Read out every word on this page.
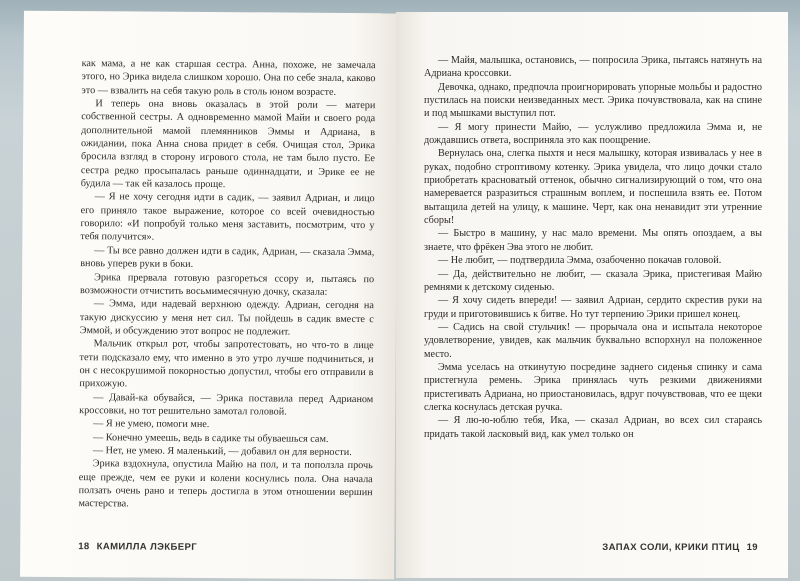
как мама, а не как старшая сестра. Анна, похоже, не замечала этого, но Эрика видела слишком хорошо. Она по себе знала, каково это — взвалить на себя такую роль в столь юном возрасте.

И теперь она вновь оказалась в этой роли — матери собственной сестры. А одновременно мамой Майи и своего рода дополнительной мамой племянников Эммы и Адриана, в ожидании, пока Анна снова придет в себя. Очищая стол, Эрика бросила взгляд в сторону игрового стола, не там было пусто. Ее сестра редко просыпалась раньше одиннадцати, и Эрике ее не будила — так ей казалось проще.

— Я не хочу сегодня идти в садик, — заявил Адриан, и лицо его приняло такое выражение, которое со всей очевидностью говорило: «И попробуй только меня заставить, посмотрим, что у тебя получится».

— Ты все равно должен идти в садик, Адриан, — сказала Эмма, вновь уперев руки в боки.

Эрика прервала готовую разгореться ссору и, пытаясь по возможности отчистить восьмимесячную дочку, сказала:

— Эмма, иди надевай верхнюю одежду. Адриан, сегодня на такую дискуссию у меня нет сил. Ты пойдешь в садик вместе с Эммой, и обсуждению этот вопрос не подлежит.

Мальчик открыл рот, чтобы запротестовать, но что-то в лице тети подсказало ему, что именно в это утро лучше подчиниться, и он с несокрушимой покорностью допустил, чтобы его отправили в прихожую.

— Давай-ка обувайся, — Эрика поставила перед Адрианом кроссовки, но тот решительно замотал головой.

— Я не умею, помоги мне.

— Конечно умеешь, ведь в садике ты обуваешься сам.

— Нет, не умею. Я маленький, — добавил он для верности.

Эрика вздохнула, опустила Майю на пол, и та поползла прочь еще прежде, чем ее руки и колени коснулись пола. Она начала ползать очень рано и теперь достигла в этом отношении вершин мастерства.

18 КАМИЛЛА ЛЭКБЕРГ

— Майя, малышка, остановись, — попросила Эрика, пытаясь натянуть на Адриана кроссовки.

Девочка, однако, предпочла проигнорировать упорные мольбы и радостно пустилась на поиски неизведанных мест. Эрика почувствовала, как на спине и под мышками выступил пот.

— Я могу принести Майю, — услужливо предложила Эмма и, не дождавшись ответа, восприняла это как поощрение.

Вернулась она, слегка пыхтя и неся малышку, которая извивалась у нее в руках, подобно строптивому котенку. Эрика увидела, что лицо дочки стало приобретать красноватый оттенок, обычно сигнализирующий о том, что она намеревается разразиться страшным воплем, и поспешила взять ее. Потом вытащила детей на улицу, к машине. Черт, как она ненавидит эти утренние сборы!

— Быстро в машину, у нас мало времени. Мы опять опоздаем, а вы знаете, что фрёкен Эва этого не любит.

— Не любит, — подтвердила Эмма, озабоченно покачав головой.

— Да, действительно не любит, — сказала Эрика, пристегивая Майю ремнями к детскому сиденью.

— Я хочу сидеть впереди! — заявил Адриан, сердито скрестив руки на груди и приготовившись к битве. Но тут терпению Эрики пришел конец.

— Садись на свой стульчик! — прорычала она и испытала некоторое удовлетворение, увидев, как мальчик буквально вспорхнул на положенное место.

Эмма уселась на откинутую посредине заднего сиденья спинку и сама пристегнула ремень. Эрика принялась чуть резкими движениями пристегивать Адриана, но приостановилась, вдруг почувствовав, что ее щеки слегка коснулась детская ручка.

— Я лю-ю-юблю тебя, Ика, — сказал Адриан, во всех сил стараясь придать такой ласковый вид, как умел только он

ЗАПАХ СОЛИ, КРИКИ ПТИЦ 19
